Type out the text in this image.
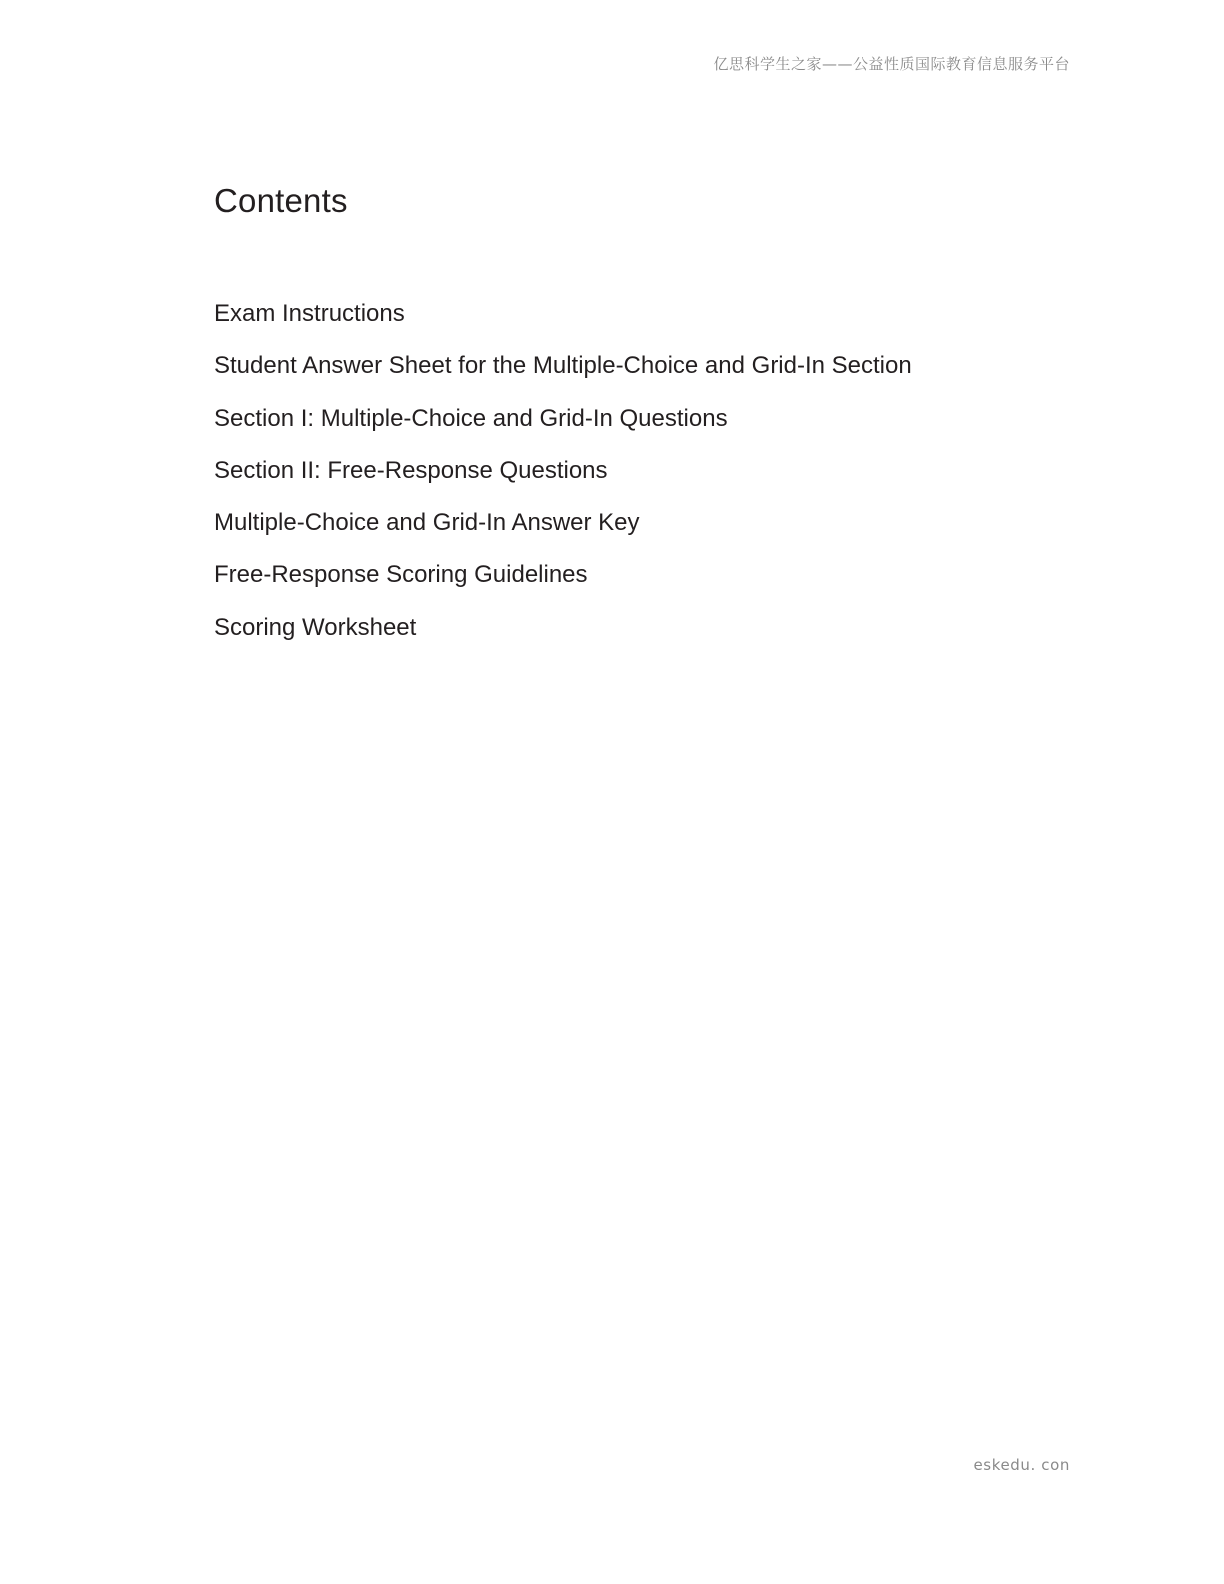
亿思科学生之家——公益性质国际教育信息服务平台
Contents
Exam Instructions
Student Answer Sheet for the Multiple-Choice and Grid-In Section
Section I: Multiple-Choice and Grid-In Questions
Section II: Free-Response Questions
Multiple-Choice and Grid-In Answer Key
Free-Response Scoring Guidelines
Scoring Worksheet
eskedu. con
